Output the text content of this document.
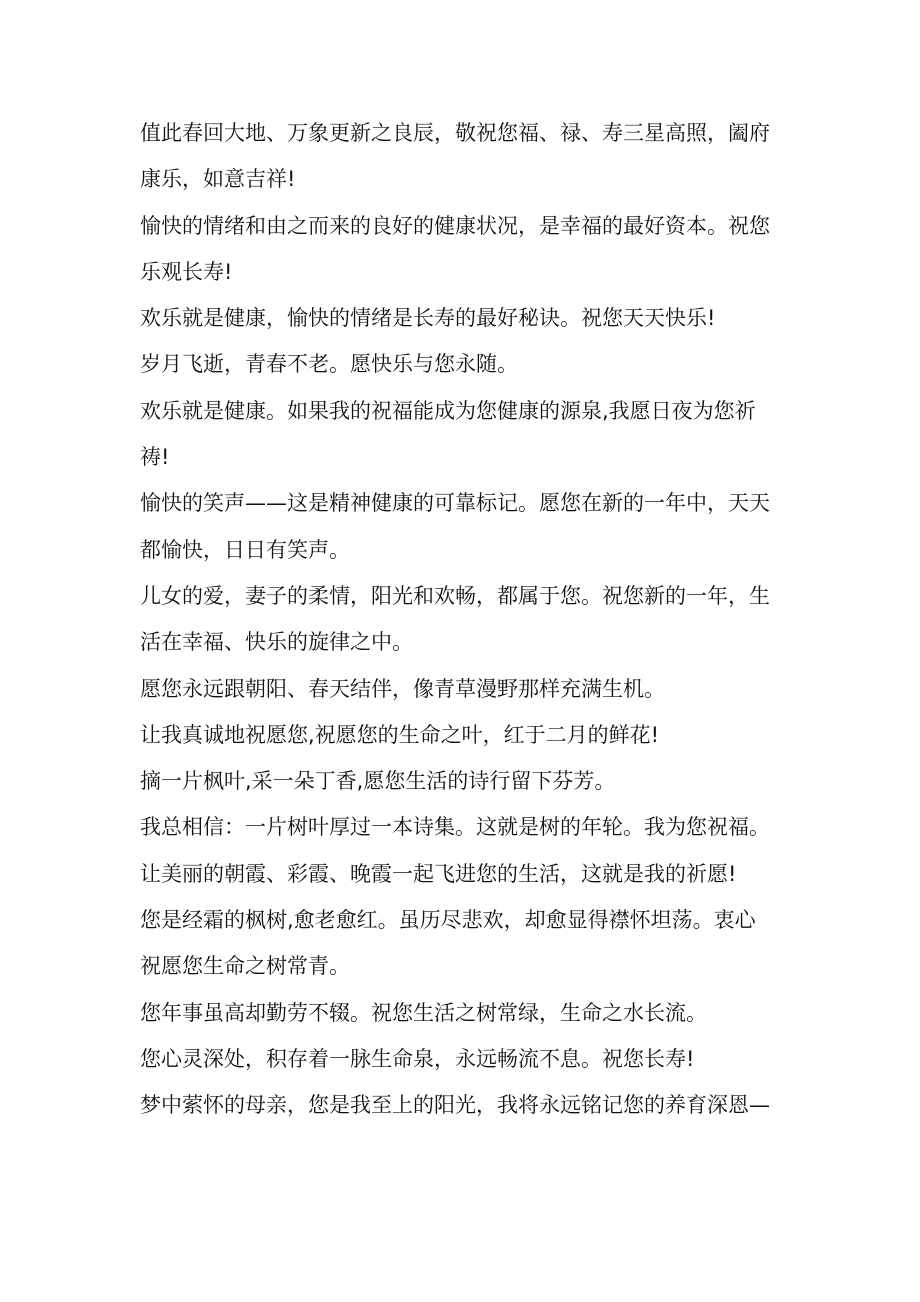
值此春回大地、万象更新之良辰，敬祝您福、禄、寿三星高照，阖府
康乐，如意吉祥!
愉快的情绪和由之而来的良好的健康状况，是幸福的最好资本。祝您
乐观长寿!
欢乐就是健康，愉快的情绪是长寿的最好秘诀。祝您天天快乐!
岁月飞逝，青春不老。愿快乐与您永随。
欢乐就是健康。如果我的祝福能成为您健康的源泉,我愿日夜为您祈
祷!
愉快的笑声——这是精神健康的可靠标记。愿您在新的一年中，天天
都愉快，日日有笑声。
儿女的爱，妻子的柔情，阳光和欢畅，都属于您。祝您新的一年，生
活在幸福、快乐的旋律之中。
愿您永远跟朝阳、春天结伴，像青草漫野那样充满生机。
让我真诚地祝愿您,祝愿您的生命之叶，红于二月的鲜花!
摘一片枫叶,采一朵丁香,愿您生活的诗行留下芬芳。
我总相信：一片树叶厚过一本诗集。这就是树的年轮。我为您祝福。
让美丽的朝霞、彩霞、晚霞一起飞进您的生活，这就是我的祈愿!
您是经霜的枫树,愈老愈红。虽历尽悲欢，却愈显得襟怀坦荡。衷心
祝愿您生命之树常青。
您年事虽高却勤劳不辍。祝您生活之树常绿，生命之水长流。
您心灵深处，积存着一脉生命泉，永远畅流不息。祝您长寿!
梦中萦怀的母亲，您是我至上的阳光，我将永远铭记您的养育深恩—
